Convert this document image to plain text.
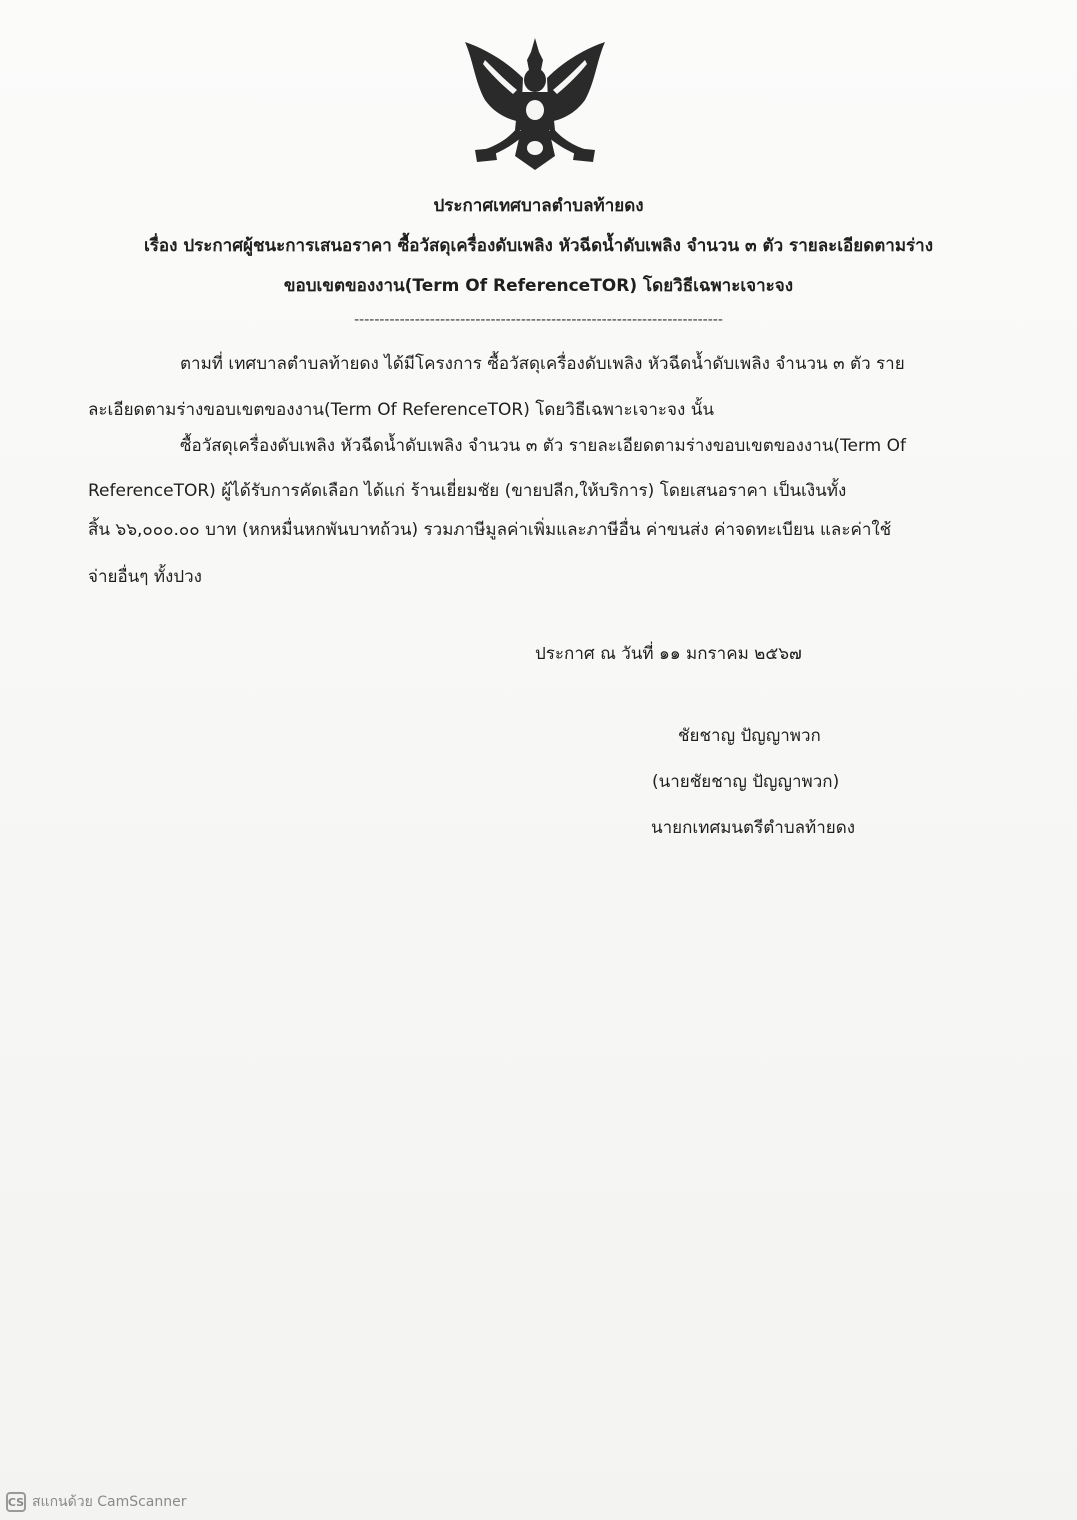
ประกาศเทศบาลตำบลท้ายดง
เรื่อง ประกาศผู้ชนะการเสนอราคา ซื้อวัสดุเครื่องดับเพลิง หัวฉีดน้ำดับเพลิง จำนวน ๓ ตัว รายละเอียดตามร่าง
ขอบเขตของงาน(Term Of ReferenceTOR) โดยวิธีเฉพาะเจาะจง
-------------------------------------------------------------------------
ตามที่ เทศบาลตำบลท้ายดง ได้มีโครงการ ซื้อวัสดุเครื่องดับเพลิง หัวฉีดน้ำดับเพลิง จำนวน ๓ ตัว ราย
ละเอียดตามร่างขอบเขตของงาน(Term Of ReferenceTOR) โดยวิธีเฉพาะเจาะจง นั้น
ซื้อวัสดุเครื่องดับเพลิง หัวฉีดน้ำดับเพลิง จำนวน ๓ ตัว รายละเอียดตามร่างขอบเขตของงาน(Term Of
ReferenceTOR) ผู้ได้รับการคัดเลือก ได้แก่ ร้านเยี่ยมชัย (ขายปลีก,ให้บริการ) โดยเสนอราคา เป็นเงินทั้ง
สิ้น ๖๖,๐๐๐.๐๐ บาท (หกหมื่นหกพันบาทถ้วน) รวมภาษีมูลค่าเพิ่มและภาษีอื่น ค่าขนส่ง ค่าจดทะเบียน และค่าใช้
จ่ายอื่นๆ ทั้งปวง
ประกาศ ณ วันที่ ๑๑ มกราคม ๒๕๖๗
ชัยชาญ ปัญญาพวก
(นายชัยชาญ ปัญญาพวก)
นายกเทศมนตรีตำบลท้ายดง
CS สแกนด้วย CamScanner
